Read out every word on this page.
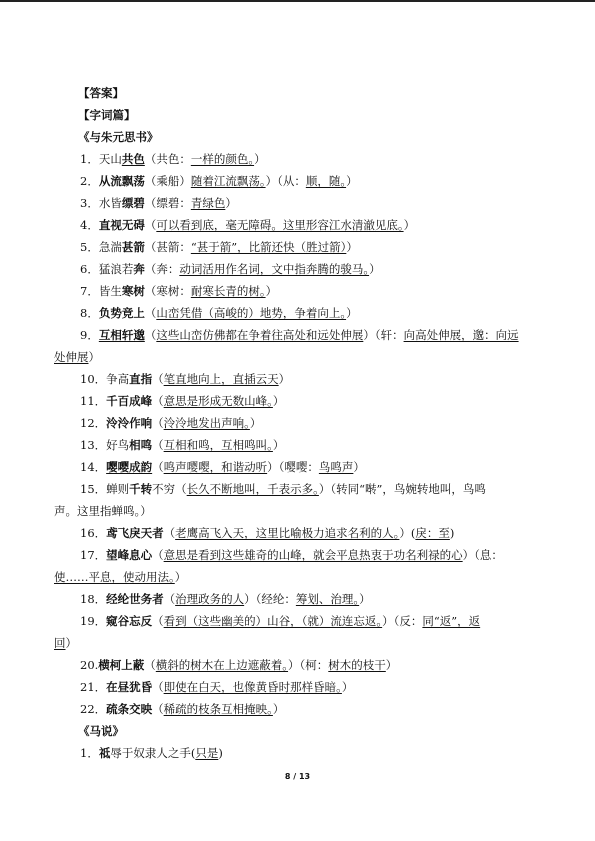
【答案】
【字词篇】
《与朱元思书》
1．天山共色（共色：一样的颜色。）
2．从流飘荡（乘船）随着江流飘荡。）（从：顺，随。）
3．水皆缥碧（缥碧：青绿色）
4．直视无碍（可以看到底，毫无障碍。这里形容江水清澈见底。）
5．急湍甚箭（甚箭：“甚于箭”，比箭还快（胜过箭））
6．猛浪若奔（奔：动词活用作名词，文中指奔腾的骏马。）
7．皆生寒树（寒树：耐寒长青的树。）
8．负势竞上（山峦凭借（高峻的）地势，争着向上。）
9．互相轩邈（这些山峦仿佛都在争着往高处和远处伸展）（轩：向高处伸展，邈：向远
处伸展）
10．争高直指（笔直地向上，直插云天）
11．千百成峰（意思是形成无数山峰。）
12．泠泠作响（泠泠地发出声响。）
13．好鸟相鸣（互相和鸣，互相鸣叫。）
14．嘤嘤成韵（鸣声嘤嘤，和谐动听）（嘤嘤：鸟鸣声）
15．蝉则千转不穷（长久不断地叫，千表示多。）（转同“啭”，鸟婉转地叫，鸟鸣
声。这里指蝉鸣。）
16．鸢飞戾天者（老鹰高飞入天，这里比喻极力追求名利的人。）(戾：至)
17．望峰息心（意思是看到这些雄奇的山峰，就会平息热衷于功名利禄的心）（息：
使……平息，使动用法。）
18．经纶世务者（治理政务的人）（经纶：筹划、治理。）
19．窥谷忘反（看到（这些幽美的）山谷，（就）流连忘返。）（反：同“返”，返
回）
20.横柯上蔽（横斜的树木在上边遮蔽着。）（柯：树木的枝干）
21．在昼犹昏（即使在白天，也像黄昏时那样昏暗。）
22．疏条交映（稀疏的枝条互相掩映。）
《马说》
1．祗辱于奴隶人之手(只是)
8 / 13
